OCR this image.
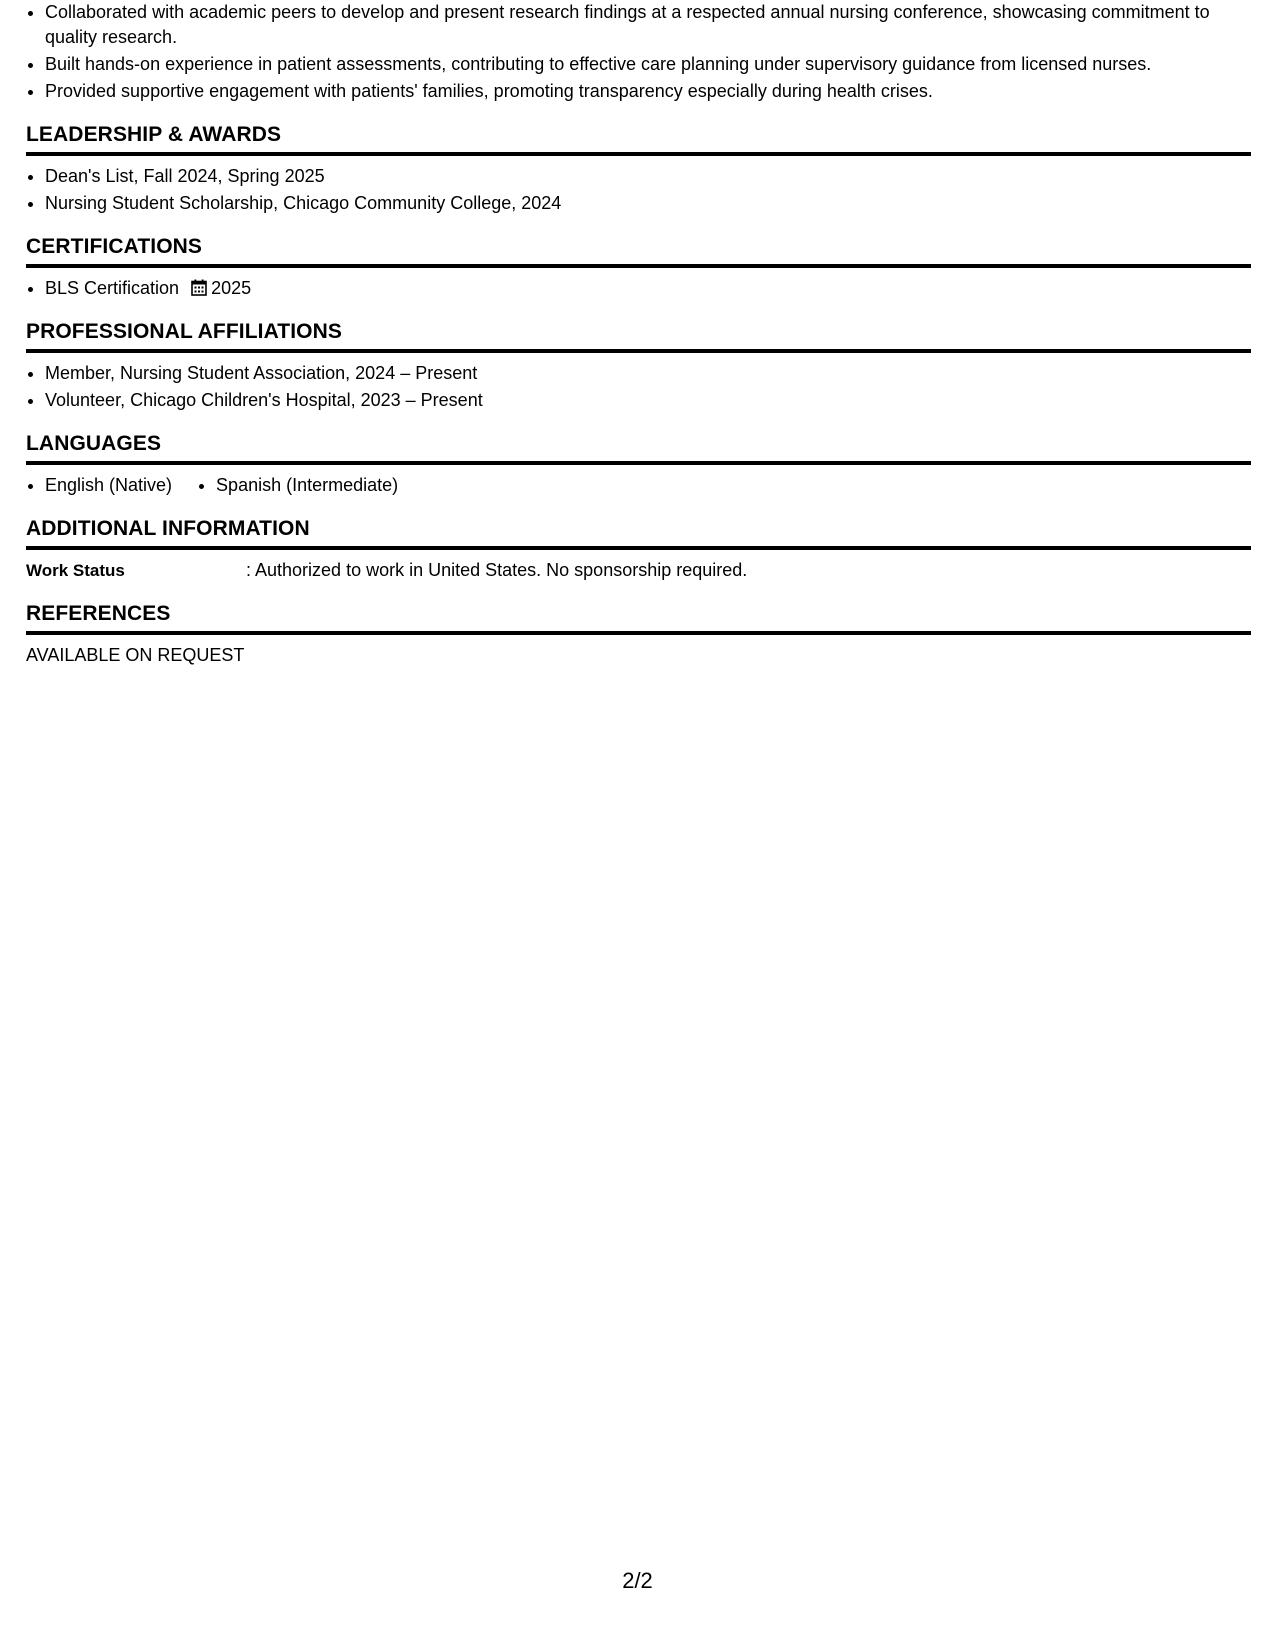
• Collaborated with academic peers to develop and present research findings at a respected annual nursing conference, showcasing commitment to quality research.
• Built hands-on experience in patient assessments, contributing to effective care planning under supervisory guidance from licensed nurses.
• Provided supportive engagement with patients' families, promoting transparency especially during health crises.
LEADERSHIP & AWARDS
• Dean's List, Fall 2024, Spring 2025
• Nursing Student Scholarship, Chicago Community College, 2024
CERTIFICATIONS
• BLS Certification 2025
PROFESSIONAL AFFILIATIONS
• Member, Nursing Student Association, 2024 – Present
• Volunteer, Chicago Children's Hospital, 2023 – Present
LANGUAGES
• English (Native)
• Spanish (Intermediate)
ADDITIONAL INFORMATION
Work Status	: Authorized to work in United States. No sponsorship required.
REFERENCES
AVAILABLE ON REQUEST
2/2
